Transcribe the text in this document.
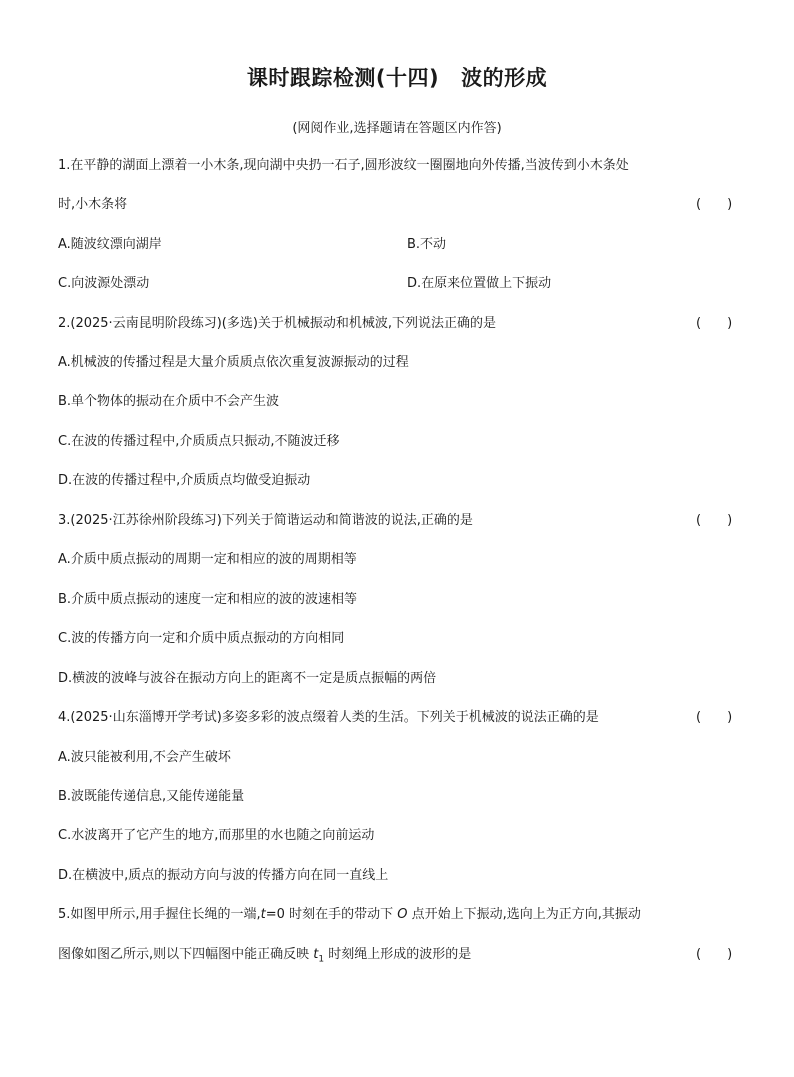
课时跟踪检测(十四) 波的形成
(网阅作业,选择题请在答题区内作答)
1.在平静的湖面上漂着一小木条,现向湖中央扔一石子,圆形波纹一圈圈地向外传播,当波传到小木条处
时,小木条将	(　　)
A.随波纹漂向湖岸	B.不动
C.向波源处漂动	D.在原来位置做上下振动
2.(2025·云南昆明阶段练习)(多选)关于机械振动和机械波,下列说法正确的是	(　　)
A.机械波的传播过程是大量介质质点依次重复波源振动的过程
B.单个物体的振动在介质中不会产生波
C.在波的传播过程中,介质质点只振动,不随波迁移
D.在波的传播过程中,介质质点均做受迫振动
3.(2025·江苏徐州阶段练习)下列关于简谐运动和简谐波的说法,正确的是	(　　)
A.介质中质点振动的周期一定和相应的波的周期相等
B.介质中质点振动的速度一定和相应的波的波速相等
C.波的传播方向一定和介质中质点振动的方向相同
D.横波的波峰与波谷在振动方向上的距离不一定是质点振幅的两倍
4.(2025·山东淄博开学考试)多姿多彩的波点缀着人类的生活。下列关于机械波的说法正确的是	(　　)
A.波只能被利用,不会产生破坏
B.波既能传递信息,又能传递能量
C.水波离开了它产生的地方,而那里的水也随之向前运动
D.在横波中,质点的振动方向与波的传播方向在同一直线上
5.如图甲所示,用手握住长绳的一端,t=0 时刻在手的带动下 O 点开始上下振动,选向上为正方向,其振动
图像如图乙所示,则以下四幅图中能正确反映 $t_1$ 时刻绳上形成的波形的是	(　　)
